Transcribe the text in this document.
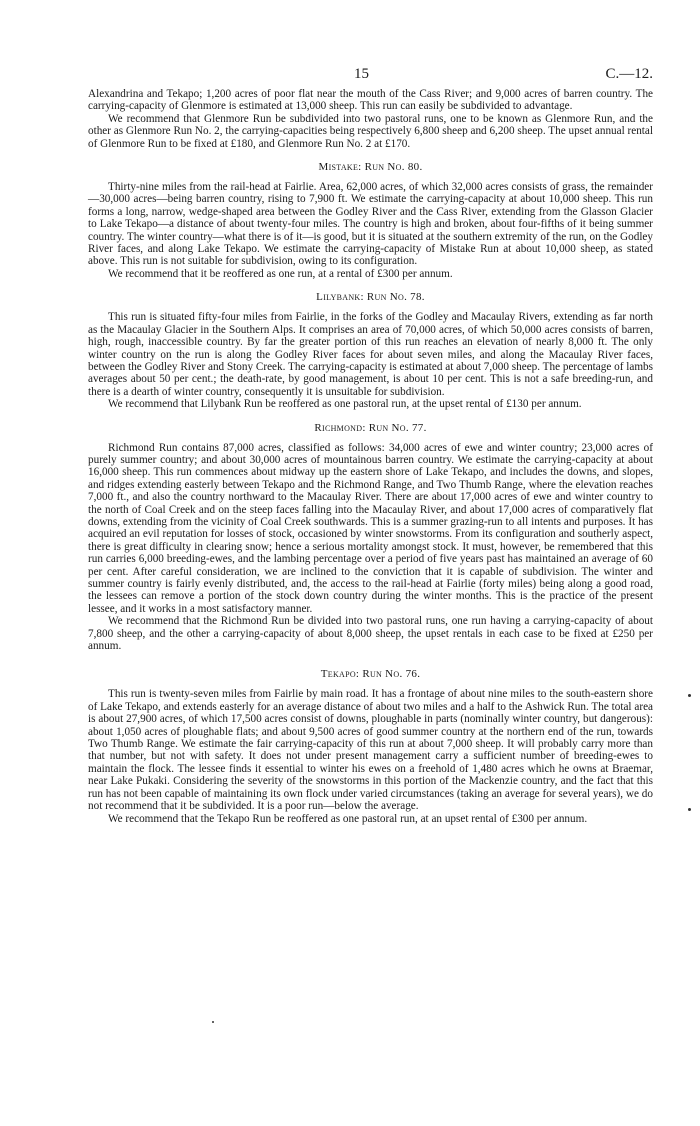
15	C.—12.

Alexandrina and Tekapo; 1,200 acres of poor flat near the mouth of the Cass River; and 9,000 acres of barren country. The carrying-capacity of Glenmore is estimated at 13,000 sheep. This run can easily be subdivided to advantage.

We recommend that Glenmore Run be subdivided into two pastoral runs, one to be known as Glenmore Run, and the other as Glenmore Run No. 2, the carrying-capacities being respectively 6,800 sheep and 6,200 sheep. The upset annual rental of Glenmore Run to be fixed at £180, and Glenmore Run No. 2 at £170.

Mistake: Run No. 80.

Thirty-nine miles from the rail-head at Fairlie. Area, 62,000 acres, of which 32,000 acres consists of grass, the remainder—30,000 acres—being barren country, rising to 7,900 ft. We estimate the carrying-capacity at about 10,000 sheep. This run forms a long, narrow, wedge-shaped area between the Godley River and the Cass River, extending from the Glasson Glacier to Lake Tekapo—a distance of about twenty-four miles. The country is high and broken, about four-fifths of it being summer country. The winter country—what there is of it—is good, but it is situated at the southern extremity of the run, on the Godley River faces, and along Lake Tekapo. We estimate the carrying-capacity of Mistake Run at about 10,000 sheep, as stated above. This run is not suitable for subdivision, owing to its configuration.

We recommend that it be reoffered as one run, at a rental of £300 per annum.

Lilybank: Run No. 78.

This run is situated fifty-four miles from Fairlie, in the forks of the Godley and Macaulay Rivers, extending as far north as the Macaulay Glacier in the Southern Alps. It comprises an area of 70,000 acres, of which 50,000 acres consists of barren, high, rough, inaccessible country. By far the greater portion of this run reaches an elevation of nearly 8,000 ft. The only winter country on the run is along the Godley River faces for about seven miles, and along the Macaulay River faces, between the Godley River and Stony Creek. The carrying-capacity is estimated at about 7,000 sheep. The percentage of lambs averages about 50 per cent.; the death-rate, by good management, is about 10 per cent. This is not a safe breeding-run, and there is a dearth of winter country, consequently it is unsuitable for subdivision.

We recommend that Lilybank Run be reoffered as one pastoral run, at the upset rental of £130 per annum.

Richmond: Run No. 77.

Richmond Run contains 87,000 acres, classified as follows: 34,000 acres of ewe and winter country; 23,000 acres of purely summer country; and about 30,000 acres of mountainous barren country. We estimate the carrying-capacity at about 16,000 sheep. This run commences about midway up the eastern shore of Lake Tekapo, and includes the downs, and slopes, and ridges extending easterly between Tekapo and the Richmond Range, and Two Thumb Range, where the elevation reaches 7,000 ft., and also the country northward to the Macaulay River. There are about 17,000 acres of ewe and winter country to the north of Coal Creek and on the steep faces falling into the Macaulay River, and about 17,000 acres of comparatively flat downs, extending from the vicinity of Coal Creek southwards. This is a summer grazing-run to all intents and purposes. It has acquired an evil reputation for losses of stock, occasioned by winter snowstorms. From its configuration and southerly aspect, there is great difficulty in clearing snow; hence a serious mortality amongst stock. It must, however, be remembered that this run carries 6,000 breeding-ewes, and the lambing percentage over a period of five years past has maintained an average of 60 per cent. After careful consideration, we are inclined to the conviction that it is capable of subdivision. The winter and summer country is fairly evenly distributed, and, the access to the rail-head at Fairlie (forty miles) being along a good road, the lessees can remove a portion of the stock down country during the winter months. This is the practice of the present lessee, and it works in a most satisfactory manner.

We recommend that the Richmond Run be divided into two pastoral runs, one run having a carrying-capacity of about 7,800 sheep, and the other a carrying-capacity of about 8,000 sheep, the upset rentals in each case to be fixed at £250 per annum.

Tekapo: Run No. 76.

This run is twenty-seven miles from Fairlie by main road. It has a frontage of about nine miles to the south-eastern shore of Lake Tekapo, and extends easterly for an average distance of about two miles and a half to the Ashwick Run. The total area is about 27,900 acres, of which 17,500 acres consist of downs, ploughable in parts (nominally winter country, but dangerous): about 1,050 acres of ploughable flats; and about 9,500 acres of good summer country at the northern end of the run, towards Two Thumb Range. We estimate the fair carrying-capacity of this run at about 7,000 sheep. It will probably carry more than that number, but not with safety. It does not under present management carry a sufficient number of breeding-ewes to maintain the flock. The lessee finds it essential to winter his ewes on a freehold of 1,480 acres which he owns at Braemar, near Lake Pukaki. Considering the severity of the snowstorms in this portion of the Mackenzie country, and the fact that this run has not been capable of maintaining its own flock under varied circumstances (taking an average for several years), we do not recommend that it be subdivided. It is a poor run—below the average.

We recommend that the Tekapo Run be reoffered as one pastoral run, at an upset rental of £300 per annum.
